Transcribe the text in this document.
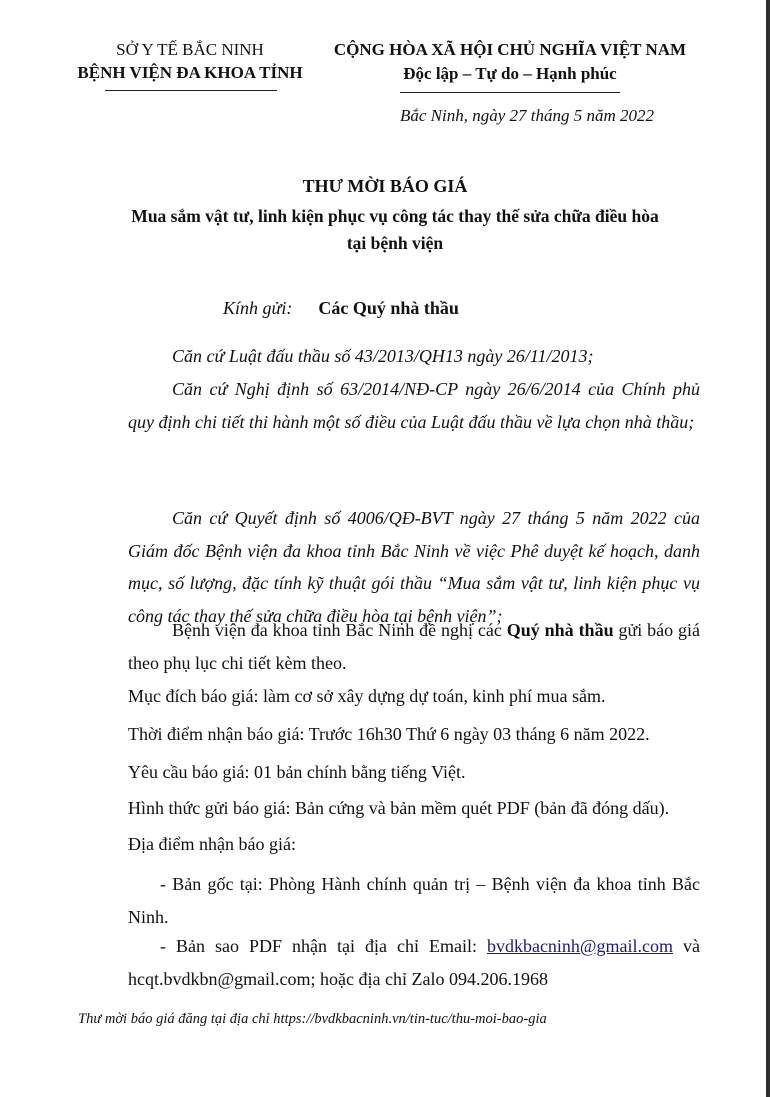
SỞ Y TẾ BẮC NINH
BỆNH VIỆN ĐA KHOA TỈNH
CỘNG HÒA XÃ HỘI CHỦ NGHĨA VIỆT NAM
Độc lập – Tự do – Hạnh phúc
Bắc Ninh, ngày 27 tháng 5 năm 2022
THƯ MỜI BÁO GIÁ
Mua sắm vật tư, linh kiện phục vụ công tác thay thế sửa chữa điều hòa
tại bệnh viện
Kính gửi: Các Quý nhà thầu
Căn cứ Luật đấu thầu số 43/2013/QH13 ngày 26/11/2013;
Căn cứ Nghị định số 63/2014/NĐ-CP ngày 26/6/2014 của Chính phủ quy định chi tiết thi hành một số điều của Luật đấu thầu về lựa chọn nhà thầu;
Căn cứ Quyết định số 4006/QĐ-BVT ngày 27 tháng 5 năm 2022 của Giám đốc Bệnh viện đa khoa tỉnh Bắc Ninh về việc Phê duyệt kế hoạch, danh mục, số lượng, đặc tính kỹ thuật gói thầu “Mua sắm vật tư, linh kiện phục vụ công tác thay thế sửa chữa điều hòa tại bệnh viện”;
Bệnh viện đa khoa tỉnh Bắc Ninh đề nghị các Quý nhà thầu gửi báo giá theo phụ lục chi tiết kèm theo.
Mục đích báo giá: làm cơ sở xây dựng dự toán, kinh phí mua sắm.
Thời điểm nhận báo giá: Trước 16h30 Thứ 6 ngày 03 tháng 6 năm 2022.
Yêu cầu báo giá: 01 bản chính bằng tiếng Việt.
Hình thức gửi báo giá: Bản cứng và bản mềm quét PDF (bản đã đóng dấu).
Địa điểm nhận báo giá:
- Bản gốc tại: Phòng Hành chính quản trị – Bệnh viện đa khoa tỉnh Bắc Ninh.
- Bản sao PDF nhận tại địa chỉ Email: bvdkbacninh@gmail.com và hcqt.bvdkbn@gmail.com; hoặc địa chỉ Zalo 094.206.1968
Thư mời báo giá đăng tại địa chỉ https://bvdkbacninh.vn/tin-tuc/thu-moi-bao-gia
